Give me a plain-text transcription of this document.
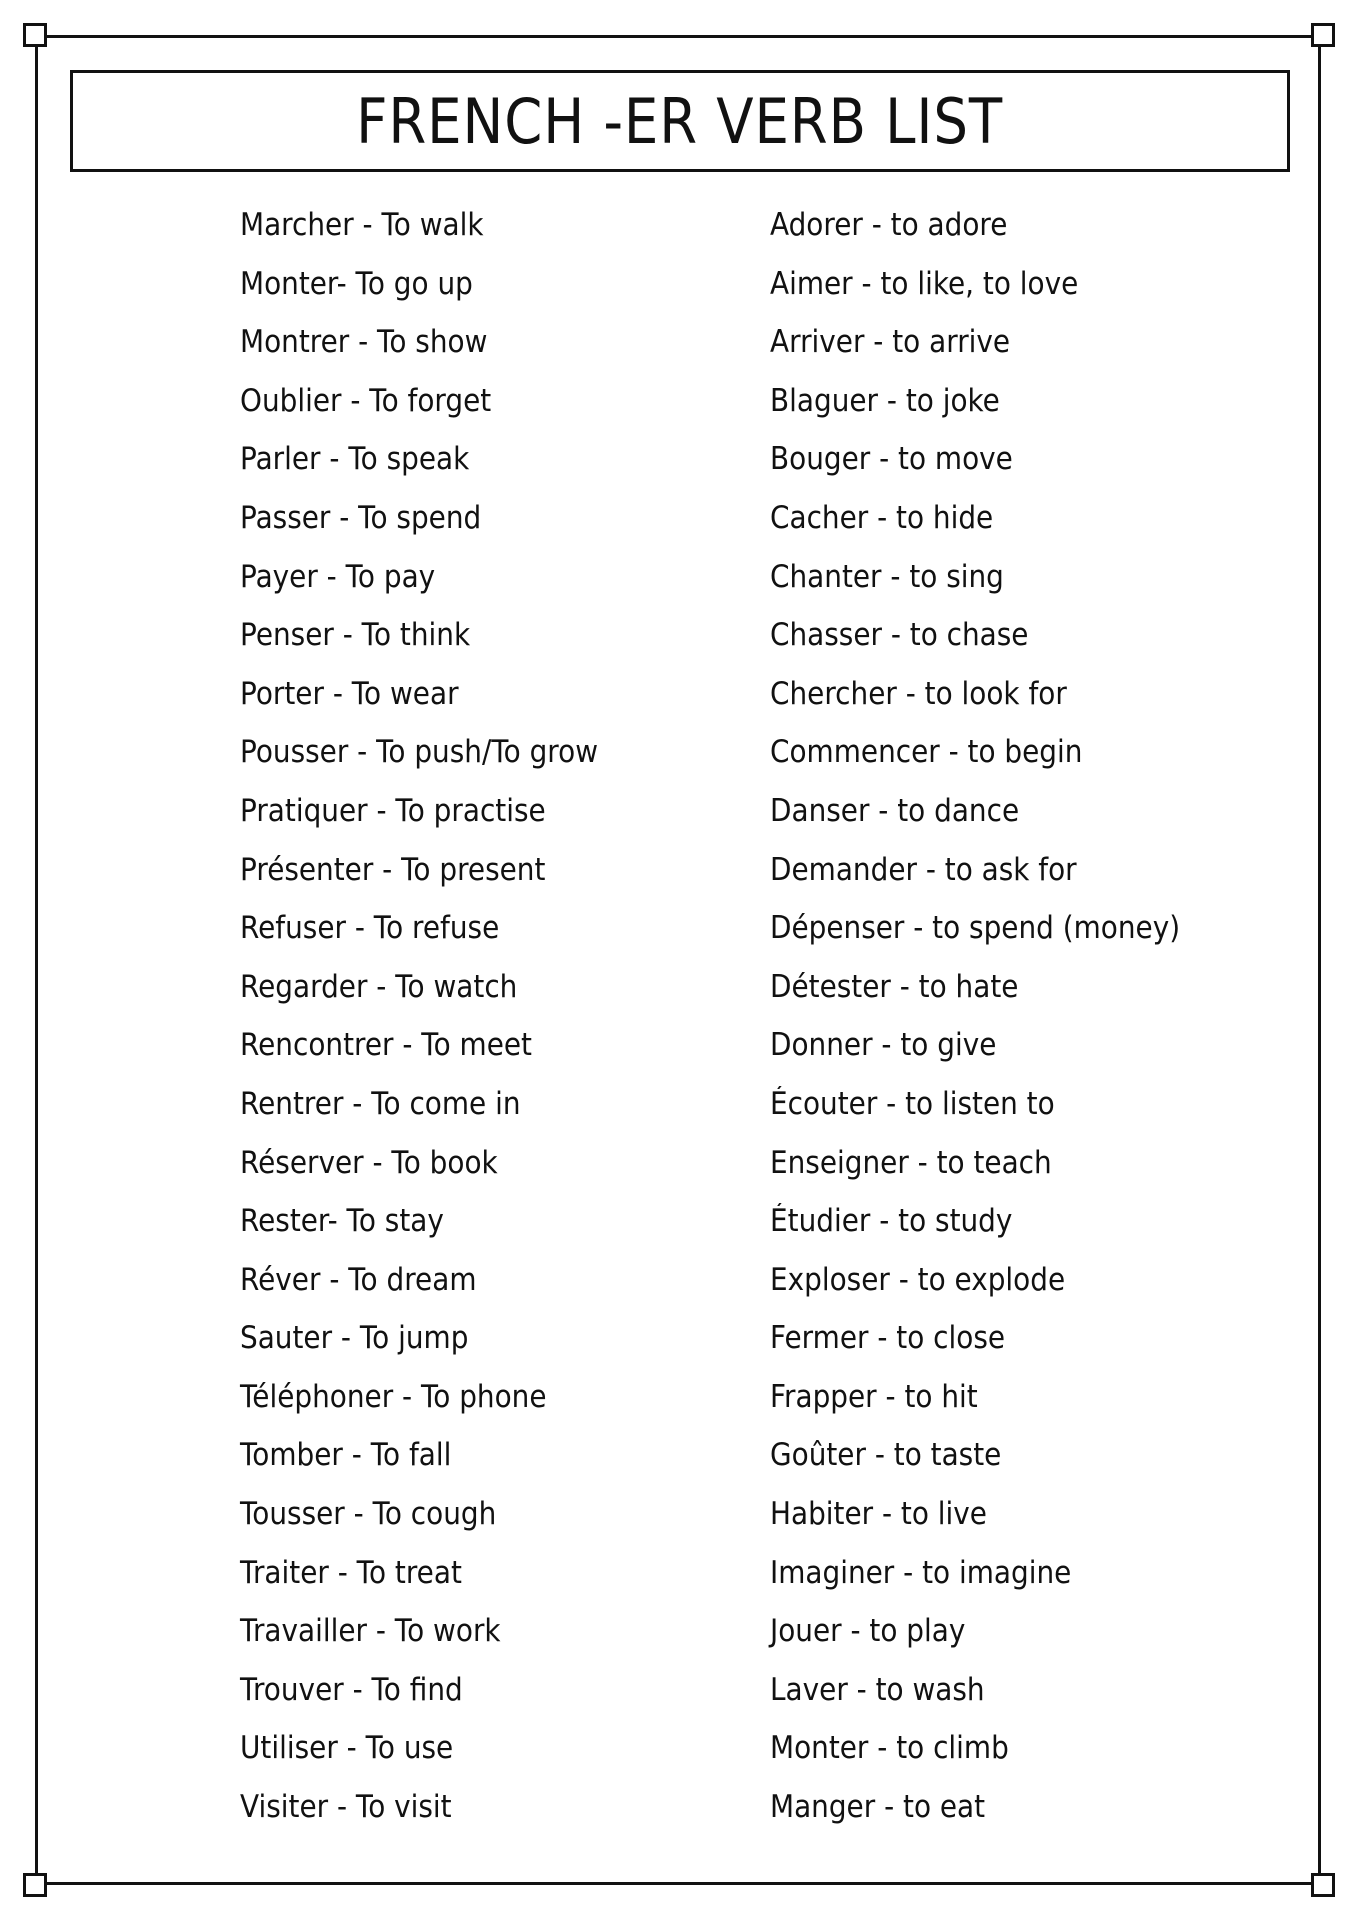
FRENCH -ER VERB LIST
Marcher - To walk
Monter- To go up
Montrer - To show
Oublier - To forget
Parler - To speak
Passer - To spend
Payer - To pay
Penser - To think
Porter - To wear
Pousser - To push/To grow
Pratiquer - To practise
Présenter - To present
Refuser - To refuse
Regarder - To watch
Rencontrer - To meet
Rentrer - To come in
Réserver - To book
Rester- To stay
Réver - To dream
Sauter - To jump
Téléphoner - To phone
Tomber - To fall
Tousser - To cough
Traiter - To treat
Travailler - To work
Trouver - To find
Utiliser - To use
Visiter - To visit
Adorer - to adore
Aimer - to like, to love
Arriver - to arrive
Blaguer - to joke
Bouger - to move
Cacher - to hide
Chanter - to sing
Chasser - to chase
Chercher - to look for
Commencer - to begin
Danser - to dance
Demander - to ask for
Dépenser - to spend (money)
Détester - to hate
Donner - to give
Écouter - to listen to
Enseigner - to teach
Étudier - to study
Exploser - to explode
Fermer - to close
Frapper - to hit
Goûter - to taste
Habiter - to live
Imaginer - to imagine
Jouer - to play
Laver - to wash
Monter - to climb
Manger - to eat
